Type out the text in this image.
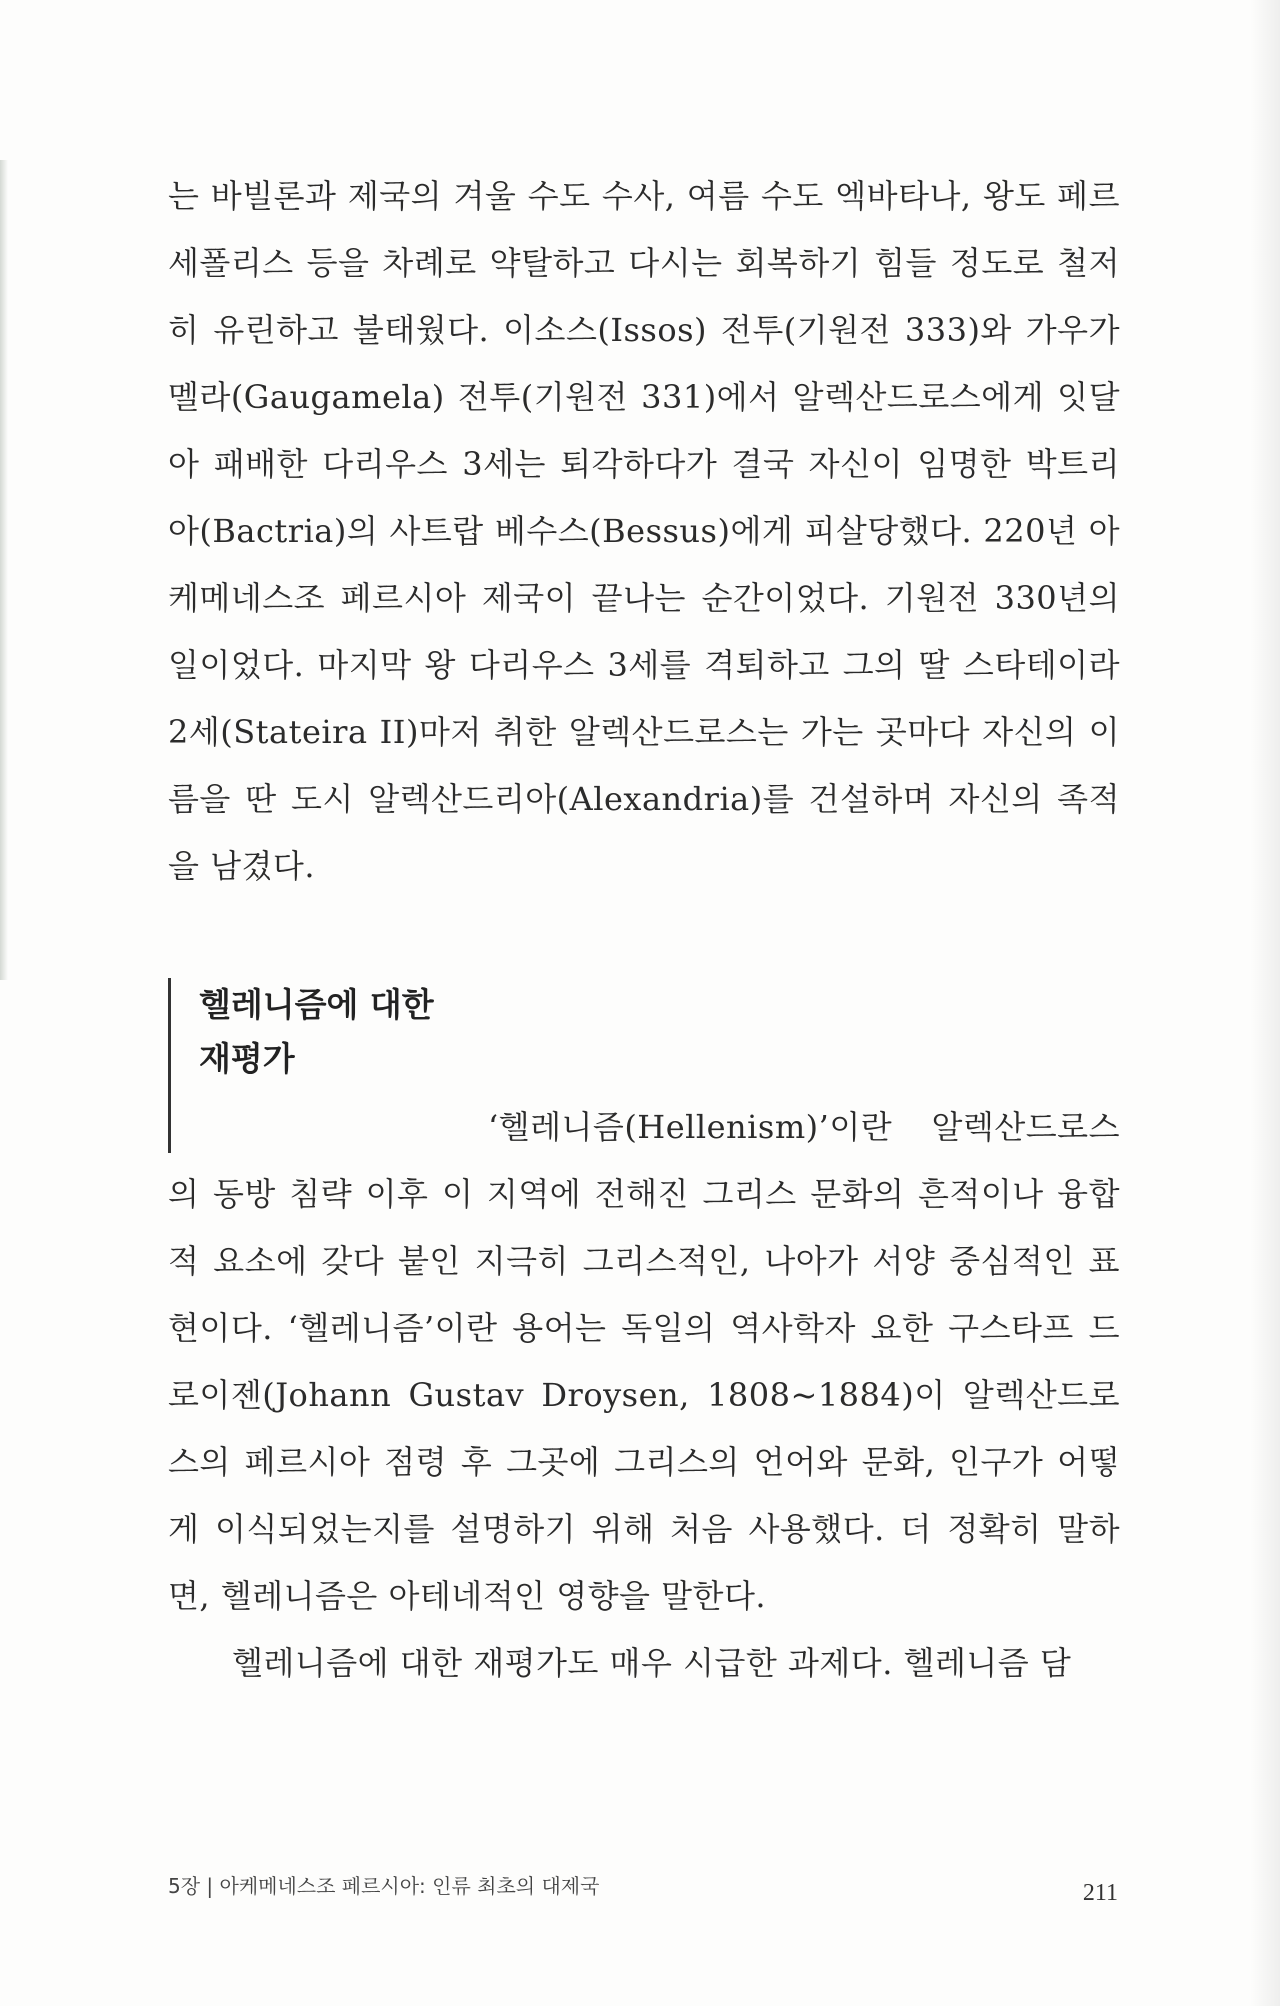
는 바빌론과 제국의 겨울 수도 수사, 여름 수도 엑바타나, 왕도 페르세폴리스 등을 차례로 약탈하고 다시는 회복하기 힘들 정도로 철저히 유린하고 불태웠다. 이소스(Issos) 전투(기원전 333)와 가우가멜라(Gaugamela) 전투(기원전 331)에서 알렉산드로스에게 잇달아 패배한 다리우스 3세는 퇴각하다가 결국 자신이 임명한 박트리아(Bactria)의 사트랍 베수스(Bessus)에게 피살당했다. 220년 아케메네스조 페르시아 제국이 끝나는 순간이었다. 기원전 330년의 일이었다. 마지막 왕 다리우스 3세를 격퇴하고 그의 딸 스타테이라 2세(Stateira II)마저 취한 알렉산드로스는 가는 곳마다 자신의 이름을 딴 도시 알렉산드리아(Alexandria)를 건설하며 자신의 족적을 남겼다.

헬레니즘에 대한
재평가

‘헬레니즘(Hellenism)’이란 알렉산드로스의 동방 침략 이후 이 지역에 전해진 그리스 문화의 흔적이나 융합적 요소에 갖다 붙인 지극히 그리스적인, 나아가 서양 중심적인 표현이다. ‘헬레니즘’이란 용어는 독일의 역사학자 요한 구스타프 드로이젠(Johann Gustav Droysen, 1808~1884)이 알렉산드로스의 페르시아 점령 후 그곳에 그리스의 언어와 문화, 인구가 어떻게 이식되었는지를 설명하기 위해 처음 사용했다. 더 정확히 말하면, 헬레니즘은 아테네적인 영향을 말한다.

헬레니즘에 대한 재평가도 매우 시급한 과제다. 헬레니즘 담

5장 | 아케메네스조 페르시아: 인류 최초의 대제국	211
